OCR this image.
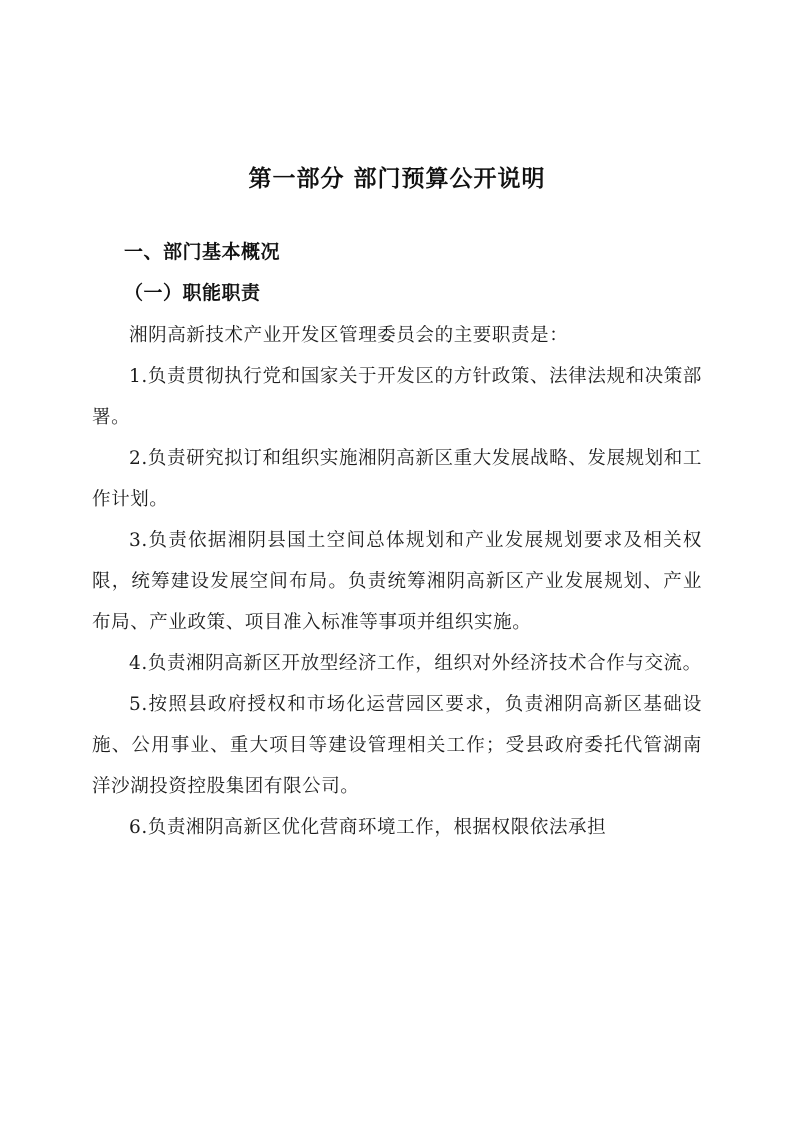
第一部分 部门预算公开说明
一、部门基本概况
（一）职能职责

湘阴高新技术产业开发区管理委员会的主要职责是：

1.负责贯彻执行党和国家关于开发区的方针政策、法律法规和决策部署。

2.负责研究拟订和组织实施湘阴高新区重大发展战略、发展规划和工作计划。

3.负责依据湘阴县国土空间总体规划和产业发展规划要求及相关权限，统筹建设发展空间布局。负责统筹湘阴高新区产业发展规划、产业布局、产业政策、项目准入标准等事项并组织实施。

4.负责湘阴高新区开放型经济工作，组织对外经济技术合作与交流。

5.按照县政府授权和市场化运营园区要求，负责湘阴高新区基础设施、公用事业、重大项目等建设管理相关工作；受县政府委托代管湖南洋沙湖投资控股集团有限公司。

6.负责湘阴高新区优化营商环境工作，根据权限依法承担
